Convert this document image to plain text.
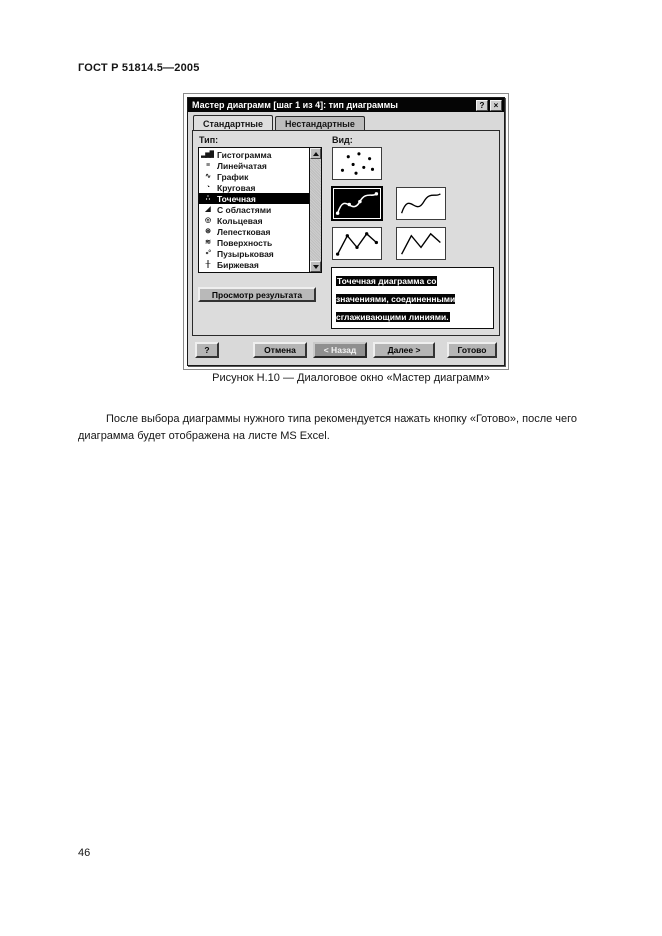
ГОСТ Р 51814.5—2005
Мастер диаграмм [шаг 1 из 4]: тип диаграммы	?	×
Стандартные	Нестандартные
Тип:
▂▅▇ Гистограмма
≡ Линейчатая
∿ График
◔ Круговая
∴ Точечная
◢ С областями
◎ Кольцевая
⊛ Лепестковая
≋ Поверхность
∘° Пузырьковая
╫ Биржевая
Просмотр результата
Вид:
Точечная диаграмма со значениями, соединенными сглаживающими линиями.
?	Отмена	< Назад	Далее >	Готово
Рисунок Н.10 — Диалоговое окно «Мастер диаграмм»

После выбора диаграммы нужного типа рекомендуется нажать кнопку «Готово», после чего диаграмма будет отображена на листе MS Excel.

46
